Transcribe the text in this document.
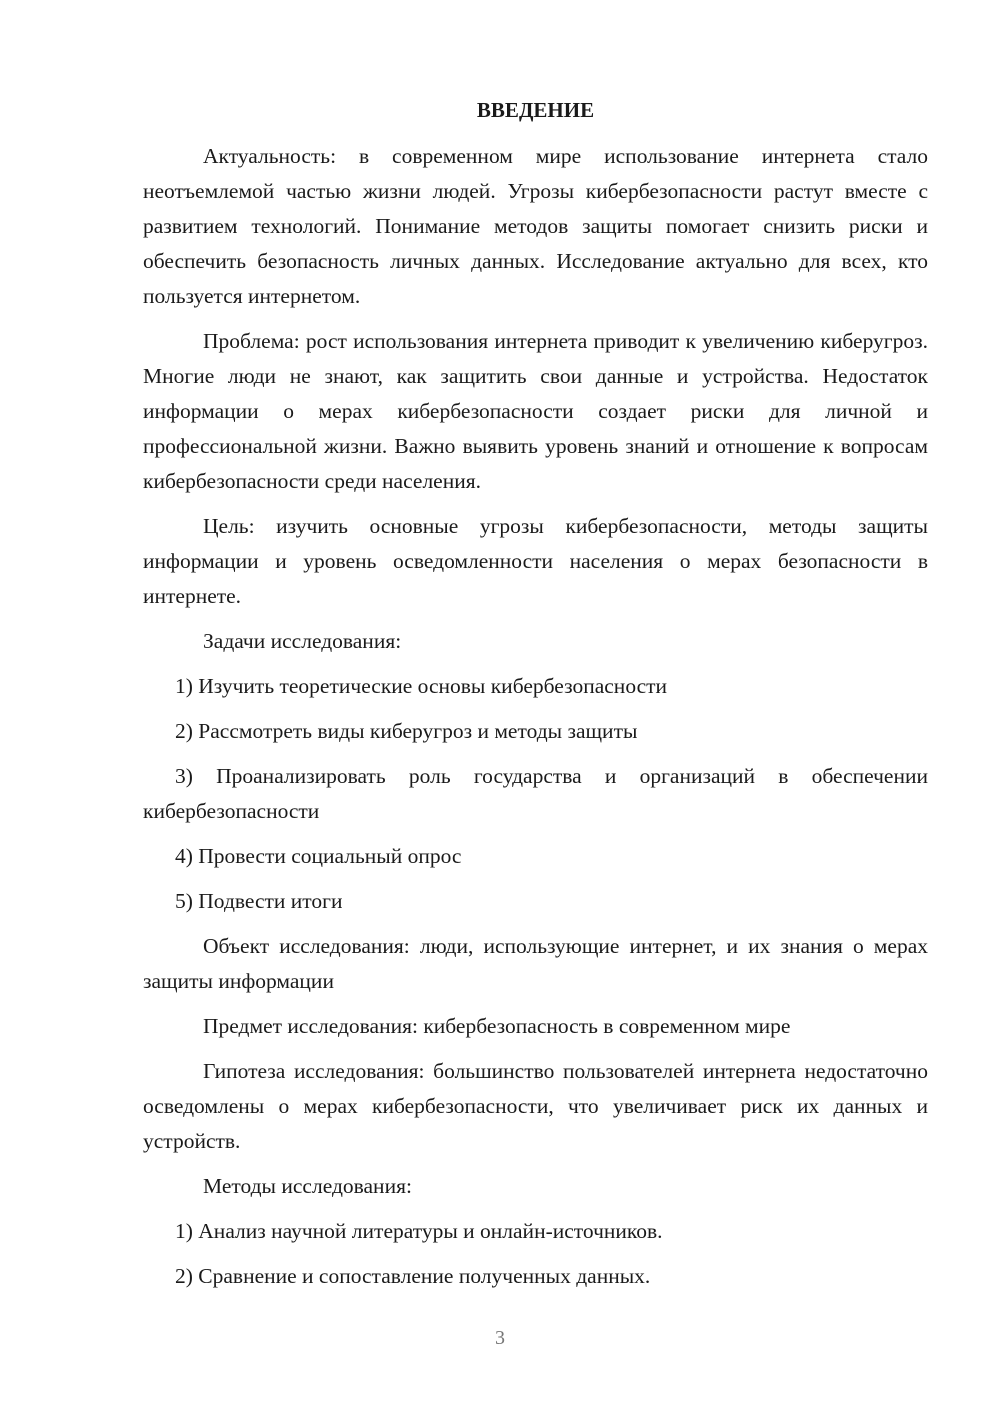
ВВЕДЕНИЕ

Актуальность: в современном мире использование интернета стало неотъемлемой частью жизни людей. Угрозы кибербезопасности растут вместе с развитием технологий. Понимание методов защиты помогает снизить риски и обеспечить безопасность личных данных. Исследование актуально для всех, кто пользуется интернетом.

Проблема: рост использования интернета приводит к увеличению киберугроз. Многие люди не знают, как защитить свои данные и устройства. Недостаток информации о мерах кибербезопасности создает риски для личной и профессиональной жизни. Важно выявить уровень знаний и отношение к вопросам кибербезопасности среди населения.

Цель: изучить основные угрозы кибербезопасности, методы защиты информации и уровень осведомленности населения о мерах безопасности в интернете.

Задачи исследования:

1) Изучить теоретические основы кибербезопасности

2) Рассмотреть виды киберугроз и методы защиты

3) Проанализировать роль государства и организаций в обеспечении кибербезопасности

4) Провести социальный опрос

5) Подвести итоги

Объект исследования: люди, использующие интернет, и их знания о мерах защиты информации

Предмет исследования: кибербезопасность в современном мире

Гипотеза исследования: большинство пользователей интернета недостаточно осведомлены о мерах кибербезопасности, что увеличивает риск их данных и устройств.

Методы исследования:

1) Анализ научной литературы и онлайн-источников.

2) Сравнение и сопоставление полученных данных.

3
